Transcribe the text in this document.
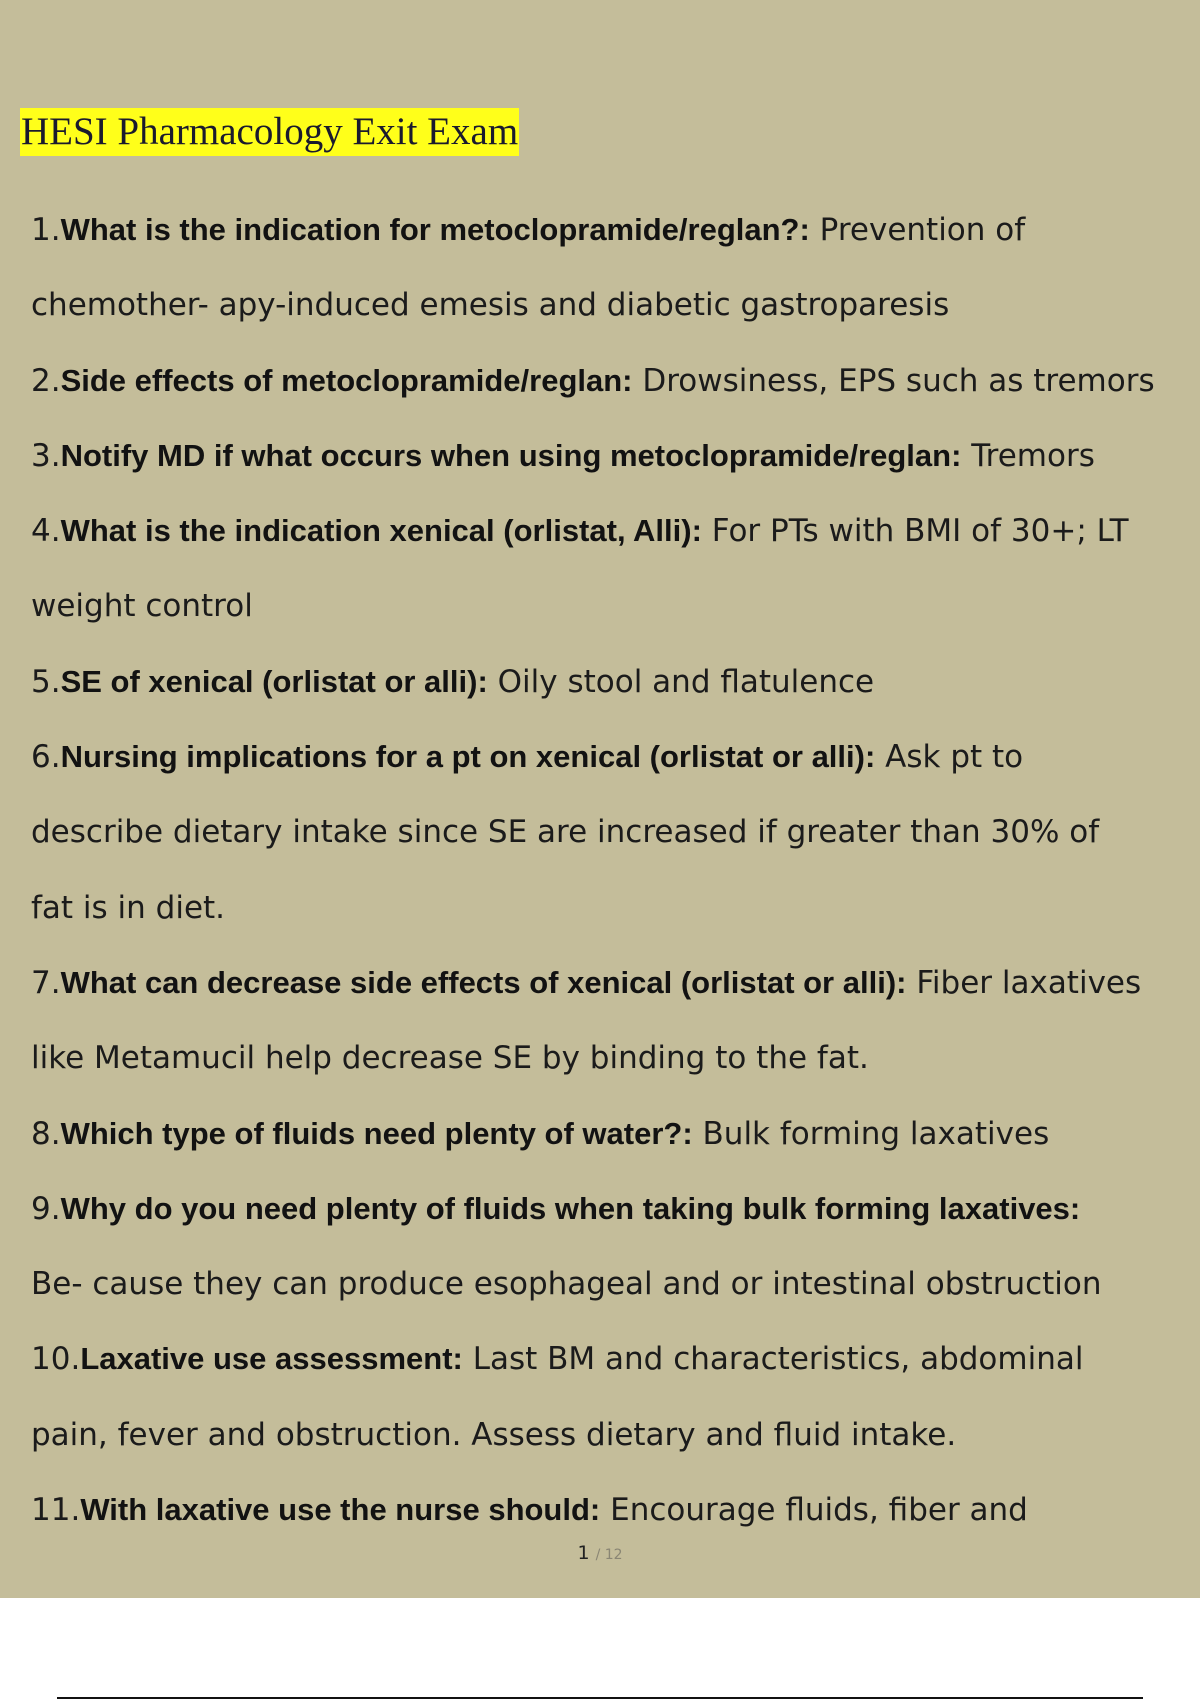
HESI Pharmacology Exit Exam
1.What is the indication for metoclopramide/reglan?: Prevention of
chemother- apy-induced emesis and diabetic gastroparesis
2.Side effects of metoclopramide/reglan: Drowsiness, EPS such as tremors
3.Notify MD if what occurs when using metoclopramide/reglan: Tremors
4.What is the indication xenical (orlistat, Alli): For PTs with BMI of 30+; LT
weight control
5.SE of xenical (orlistat or alli): Oily stool and flatulence
6.Nursing implications for a pt on xenical (orlistat or alli): Ask pt to
describe dietary intake since SE are increased if greater than 30% of
fat is in diet.
7.What can decrease side effects of xenical (orlistat or alli): Fiber laxatives
like Metamucil help decrease SE by binding to the fat.
8.Which type of fluids need plenty of water?: Bulk forming laxatives
9.Why do you need plenty of fluids when taking bulk forming laxatives:
Be- cause they can produce esophageal and or intestinal obstruction
10.Laxative use assessment: Last BM and characteristics, abdominal
pain, fever and obstruction. Assess dietary and fluid intake.
11.With laxative use the nurse should: Encourage fluids, fiber and
1 / 12
